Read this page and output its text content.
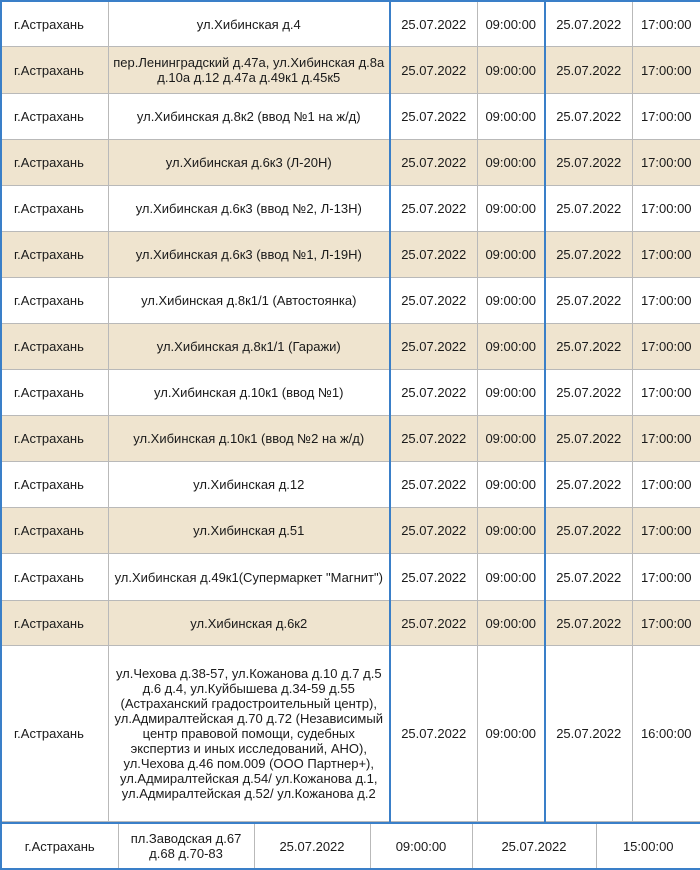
г.Астрахань	ул.Хибинская д.4	25.07.2022	09:00:00	25.07.2022	17:00:00
г.Астрахань	пер.Ленинградский д.47а, ул.Хибинская д.8а д.10а д.12 д.47а д.49к1 д.45к5	25.07.2022	09:00:00	25.07.2022	17:00:00
г.Астрахань	ул.Хибинская д.8к2 (ввод №1 на ж/д)	25.07.2022	09:00:00	25.07.2022	17:00:00
г.Астрахань	ул.Хибинская д.6к3 (Л-20Н)	25.07.2022	09:00:00	25.07.2022	17:00:00
г.Астрахань	ул.Хибинская д.6к3 (ввод №2, Л-13Н)	25.07.2022	09:00:00	25.07.2022	17:00:00
г.Астрахань	ул.Хибинская д.6к3 (ввод №1, Л-19Н)	25.07.2022	09:00:00	25.07.2022	17:00:00
г.Астрахань	ул.Хибинская д.8к1/1 (Автостоянка)	25.07.2022	09:00:00	25.07.2022	17:00:00
г.Астрахань	ул.Хибинская д.8к1/1 (Гаражи)	25.07.2022	09:00:00	25.07.2022	17:00:00
г.Астрахань	ул.Хибинская д.10к1 (ввод №1)	25.07.2022	09:00:00	25.07.2022	17:00:00
г.Астрахань	ул.Хибинская д.10к1 (ввод №2 на ж/д)	25.07.2022	09:00:00	25.07.2022	17:00:00
г.Астрахань	ул.Хибинская д.12	25.07.2022	09:00:00	25.07.2022	17:00:00
г.Астрахань	ул.Хибинская д.51	25.07.2022	09:00:00	25.07.2022	17:00:00
г.Астрахань	ул.Хибинская д.49к1(Супермаркет "Магнит")	25.07.2022	09:00:00	25.07.2022	17:00:00
г.Астрахань	ул.Хибинская д.6к2	25.07.2022	09:00:00	25.07.2022	17:00:00
г.Астрахань	ул.Чехова д.38-57, ул.Кожанова д.10 д.7 д.5 д.6 д.4, ул.Куйбышева д.34-59 д.55 (Астраханский градостроительный центр), ул.Адмиралтейская д.70 д.72 (Независимый центр правовой помощи, судебных экспертиз и иных исследований, АНО), ул.Чехова д.46 пом.009 (ООО Партнер+), ул.Адмиралтейская д.54/ ул.Кожанова д.1, ул.Адмиралтейская д.52/ ул.Кожанова д.2	25.07.2022	09:00:00	25.07.2022	16:00:00
г.Астрахань	пл.Заводская д.67 д.68 д.70-83	25.07.2022	09:00:00	25.07.2022	15:00:00
